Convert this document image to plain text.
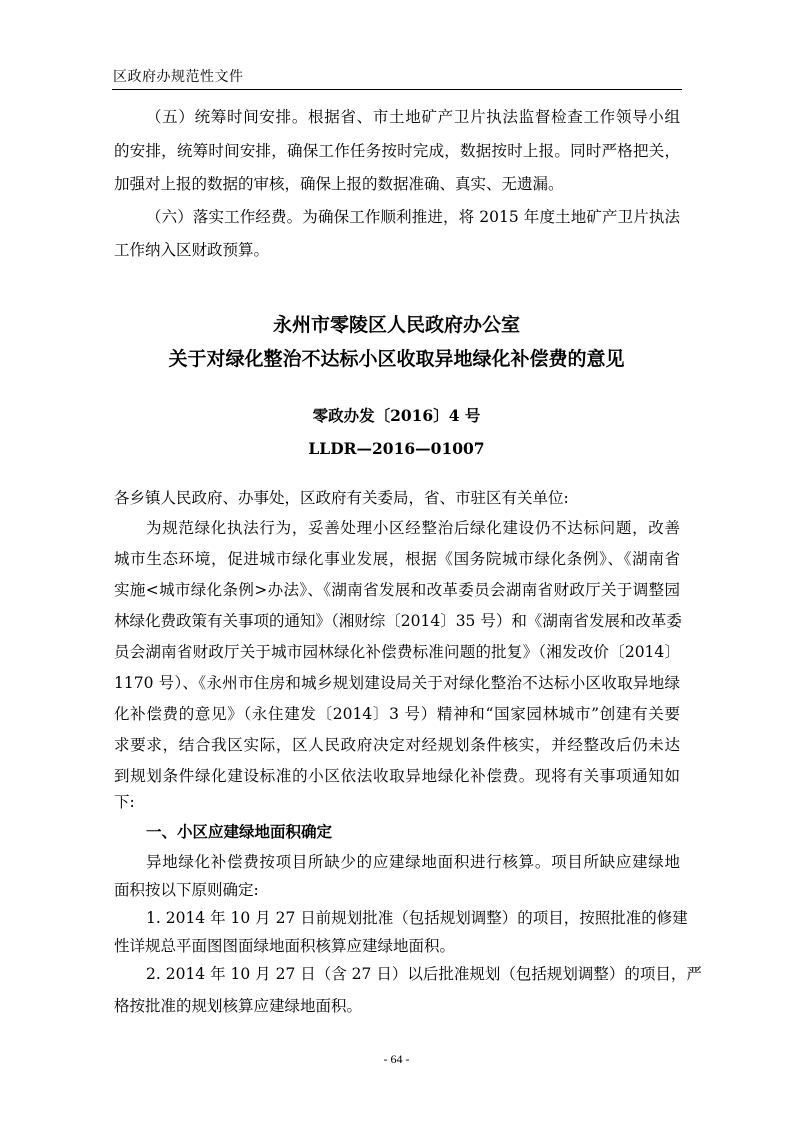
区政府办规范性文件
（五）统筹时间安排。根据省、市土地矿产卫片执法监督检查工作领导小组
的安排，统筹时间安排，确保工作任务按时完成，数据按时上报。同时严格把关，
加强对上报的数据的审核，确保上报的数据准确、真实、无遗漏。
（六）落实工作经费。为确保工作顺利推进，将 2015 年度土地矿产卫片执法
工作纳入区财政预算。
永州市零陵区人民政府办公室
关于对绿化整治不达标小区收取异地绿化补偿费的意见
零政办发〔2016〕4 号
LLDR—2016—01007
各乡镇人民政府、办事处，区政府有关委局，省、市驻区有关单位:
为规范绿化执法行为，妥善处理小区经整治后绿化建设仍不达标问题，改善
城市生态环境，促进城市绿化事业发展，根据《国务院城市绿化条例》、《湖南省
实施<城市绿化条例>办法》、《湖南省发展和改革委员会湖南省财政厅关于调整园
林绿化费政策有关事项的通知》（湘财综〔2014〕35 号）和《湖南省发展和改革委
员会湖南省财政厅关于城市园林绿化补偿费标准问题的批复》（湘发改价〔2014〕
1170 号）、《永州市住房和城乡规划建设局关于对绿化整治不达标小区收取异地绿
化补偿费的意见》（永住建发〔2014〕3 号）精神和“国家园林城市”创建有关要
求要求，结合我区实际，区人民政府决定对经规划条件核实，并经整改后仍未达
到规划条件绿化建设标准的小区依法收取异地绿化补偿费。现将有关事项通知如
下:
一、小区应建绿地面积确定
异地绿化补偿费按项目所缺少的应建绿地面积进行核算。项目所缺应建绿地
面积按以下原则确定:
1. 2014 年 10 月 27 日前规划批准（包括规划调整）的项目，按照批准的修建
性详规总平面图图面绿地面积核算应建绿地面积。
2. 2014 年 10 月 27 日（含 27 日）以后批准规划（包括规划调整）的项目，严
格按批准的规划核算应建绿地面积。
- 64 -
